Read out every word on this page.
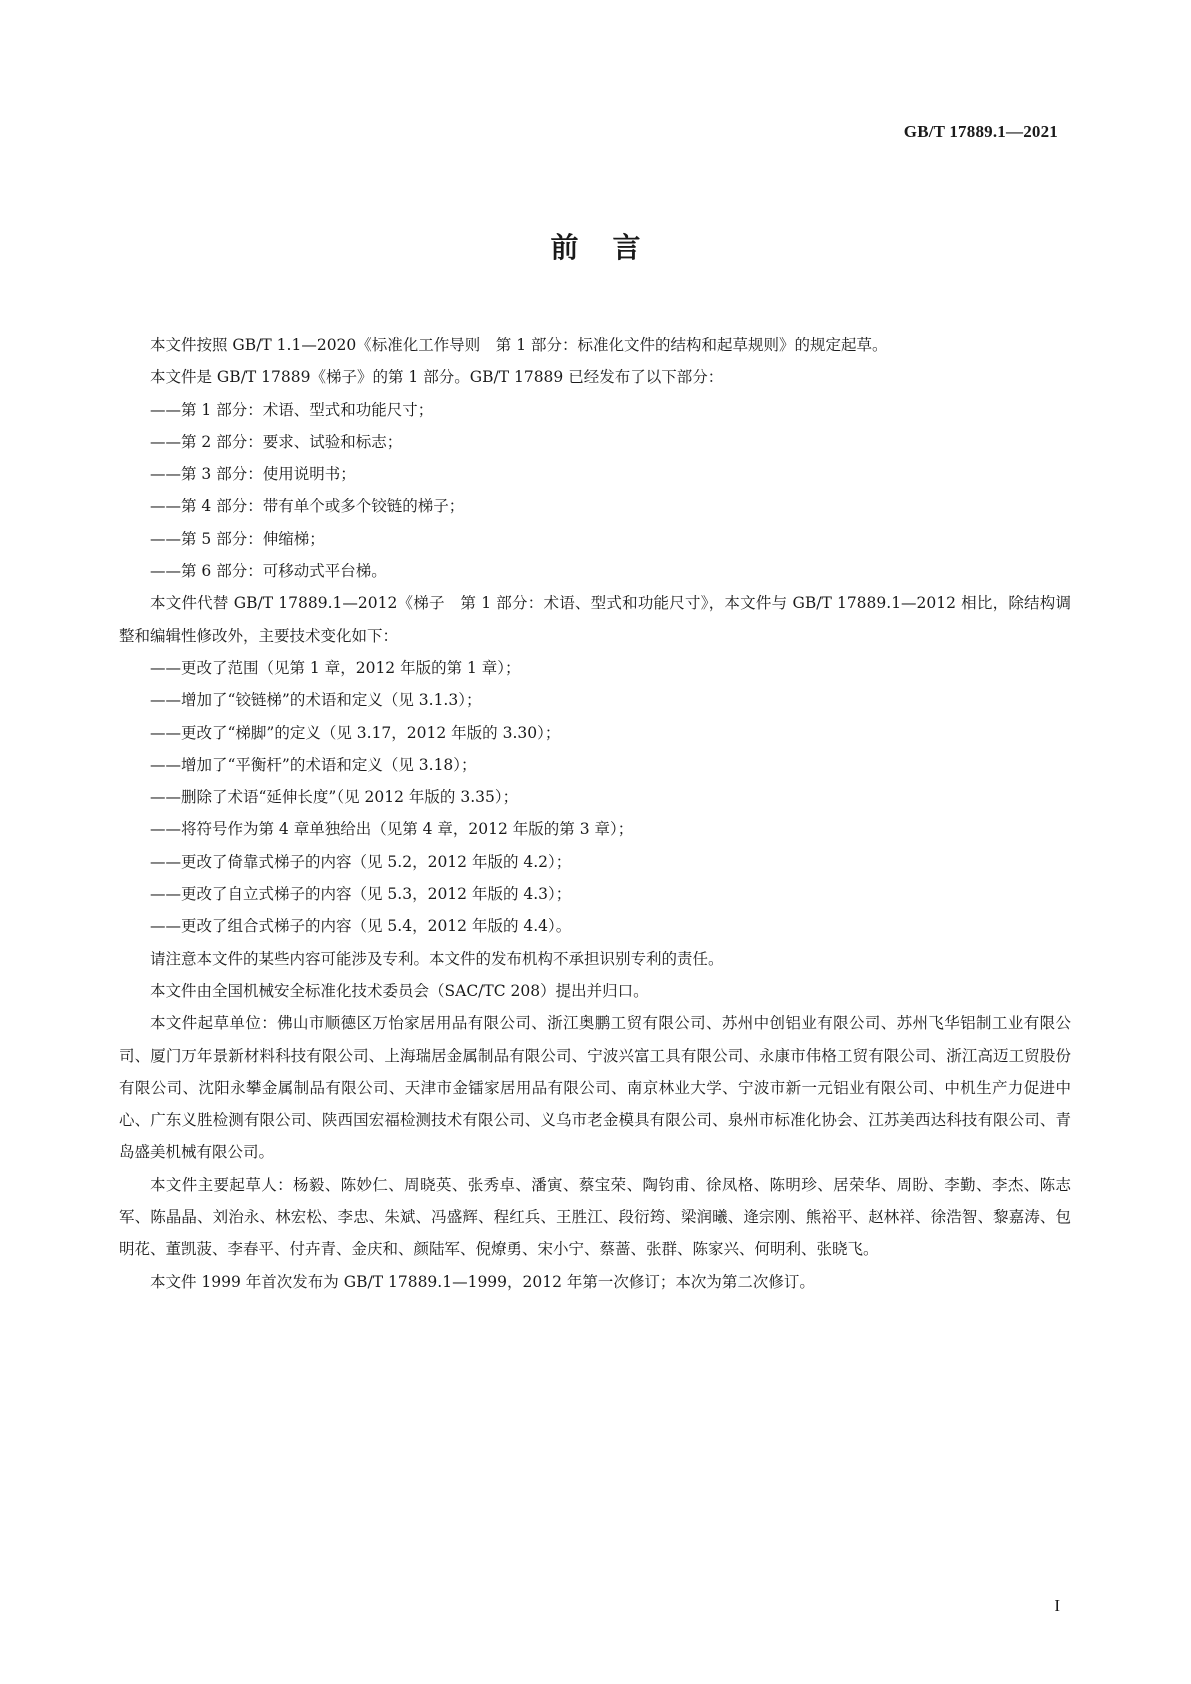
GB/T 17889.1—2021
前言

本文件按照 GB/T 1.1—2020《标准化工作导则　第 1 部分：标准化文件的结构和起草规则》的规定起草。

本文件是 GB/T 17889《梯子》的第 1 部分。GB/T 17889 已经发布了以下部分：

——第 1 部分：术语、型式和功能尺寸；

——第 2 部分：要求、试验和标志；

——第 3 部分：使用说明书；

——第 4 部分：带有单个或多个铰链的梯子；

——第 5 部分：伸缩梯；

——第 6 部分：可移动式平台梯。

本文件代替 GB/T 17889.1—2012《梯子　第 1 部分：术语、型式和功能尺寸》，本文件与 GB/T 17889.1—2012 相比，除结构调整和编辑性修改外，主要技术变化如下：

——更改了范围（见第 1 章，2012 年版的第 1 章）；

——增加了“铰链梯”的术语和定义（见 3.1.3）；

——更改了“梯脚”的定义（见 3.17，2012 年版的 3.30）；

——增加了“平衡杆”的术语和定义（见 3.18）；

——删除了术语“延伸长度”（见 2012 年版的 3.35）；

——将符号作为第 4 章单独给出（见第 4 章，2012 年版的第 3 章）；

——更改了倚靠式梯子的内容（见 5.2，2012 年版的 4.2）；

——更改了自立式梯子的内容（见 5.3，2012 年版的 4.3）；

——更改了组合式梯子的内容（见 5.4，2012 年版的 4.4）。

请注意本文件的某些内容可能涉及专利。本文件的发布机构不承担识别专利的责任。

本文件由全国机械安全标准化技术委员会（SAC/TC 208）提出并归口。

本文件起草单位：佛山市顺德区万怡家居用品有限公司、浙江奥鹏工贸有限公司、苏州中创铝业有限公司、苏州飞华铝制工业有限公司、厦门万年景新材料科技有限公司、上海瑞居金属制品有限公司、宁波兴富工具有限公司、永康市伟格工贸有限公司、浙江高迈工贸股份有限公司、沈阳永攀金属制品有限公司、天津市金镭家居用品有限公司、南京林业大学、宁波市新一元铝业有限公司、中机生产力促进中心、广东义胜检测有限公司、陕西国宏福检测技术有限公司、义乌市老金模具有限公司、泉州市标准化协会、江苏美西达科技有限公司、青岛盛美机械有限公司。

本文件主要起草人：杨毅、陈妙仁、周晓英、张秀卓、潘寅、蔡宝荣、陶钧甫、徐凤格、陈明珍、居荣华、周盼、李勤、李杰、陈志军、陈晶晶、刘治永、林宏松、李忠、朱斌、冯盛辉、程红兵、王胜江、段衍筠、梁润曦、逄宗刚、熊裕平、赵林祥、徐浩智、黎嘉涛、包明花、董凯菠、李春平、付卉青、金庆和、颜陆军、倪燎勇、宋小宁、蔡蔷、张群、陈家兴、何明利、张晓飞。

本文件 1999 年首次发布为 GB/T 17889.1—1999，2012 年第一次修订；本次为第二次修订。

I
